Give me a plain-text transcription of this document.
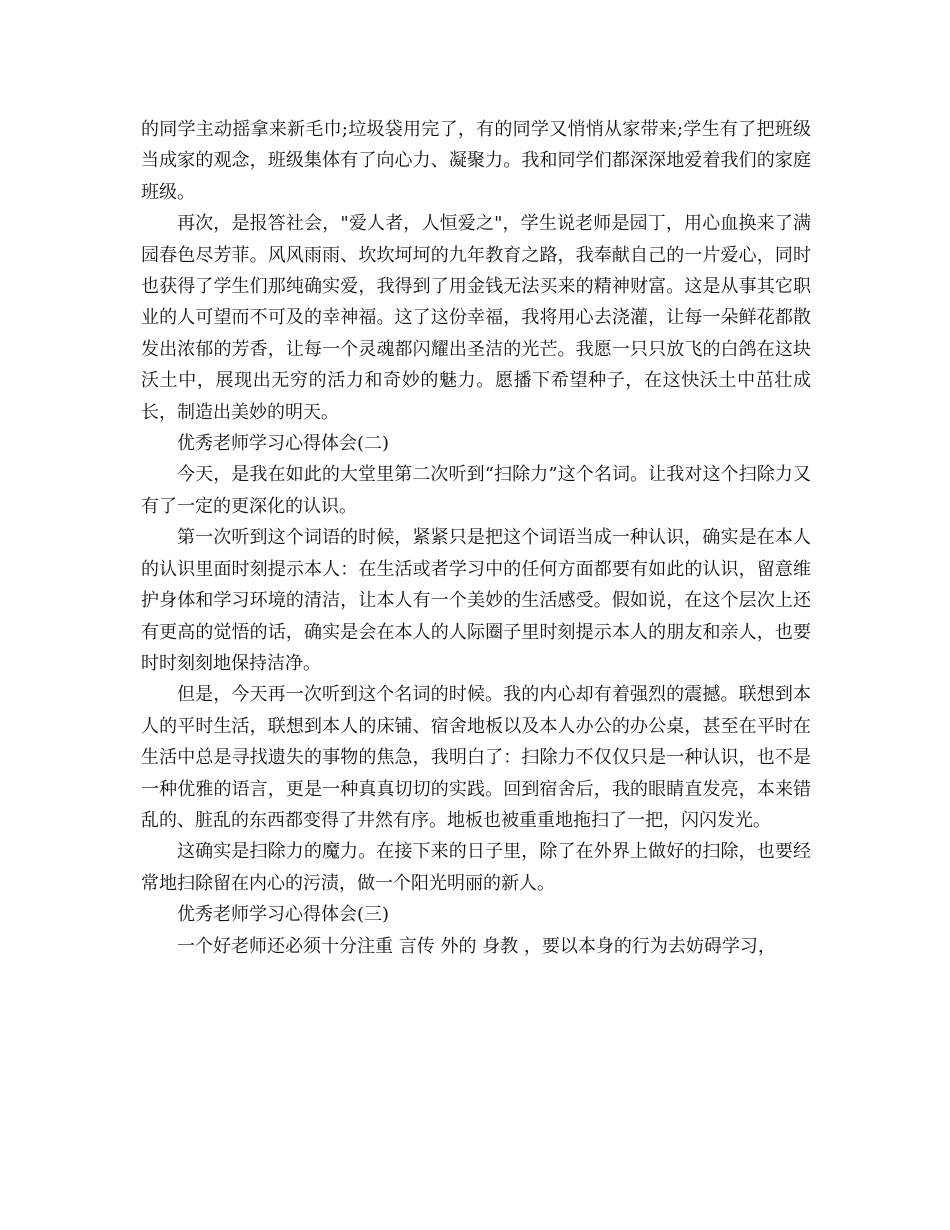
的同学主动摇拿来新毛巾;垃圾袋用完了，有的同学又悄悄从家带来;学生有了把班级当成家的观念，班级集体有了向心力、凝聚力。我和同学们都深深地爱着我们的家庭班级。

再次，是报答社会，"爱人者，人恒爱之"，学生说老师是园丁，用心血换来了满园春色尽芳菲。风风雨雨、坎坎坷坷的九年教育之路，我奉献自己的一片爱心，同时也获得了学生们那纯确实爱，我得到了用金钱无法买来的精神财富。这是从事其它职业的人可望而不可及的幸神福。这了这份幸福，我将用心去浇灌，让每一朵鲜花都散发出浓郁的芳香，让每一个灵魂都闪耀出圣洁的光芒。我愿一只只放飞的白鸽在这块沃土中，展现出无穷的活力和奇妙的魅力。愿播下希望种子，在这快沃土中茁壮成长，制造出美妙的明天。

优秀老师学习心得体会(二)

今天，是我在如此的大堂里第二次听到“扫除力”这个名词。让我对这个扫除力又有了一定的更深化的认识。

第一次听到这个词语的时候，紧紧只是把这个词语当成一种认识，确实是在本人的认识里面时刻提示本人：在生活或者学习中的任何方面都要有如此的认识，留意维护身体和学习环境的清洁，让本人有一个美妙的生活感受。假如说，在这个层次上还有更高的觉悟的话，确实是会在本人的人际圈子里时刻提示本人的朋友和亲人，也要时时刻刻地保持洁净。

但是，今天再一次听到这个名词的时候。我的内心却有着强烈的震撼。联想到本人的平时生活，联想到本人的床铺、宿舍地板以及本人办公的办公桌，甚至在平时在生活中总是寻找遗失的事物的焦急，我明白了：扫除力不仅仅只是一种认识，也不是一种优雅的语言，更是一种真真切切的实践。回到宿舍后，我的眼睛直发亮，本来错乱的、脏乱的东西都变得了井然有序。地板也被重重地拖扫了一把，闪闪发光。

这确实是扫除力的魔力。在接下来的日子里，除了在外界上做好的扫除，也要经常地扫除留在内心的污渍，做一个阳光明丽的新人。

优秀老师学习心得体会(三)

一个好老师还必须十分注重 言传 外的 身教 ，要以本身的行为去妨碍学习，
